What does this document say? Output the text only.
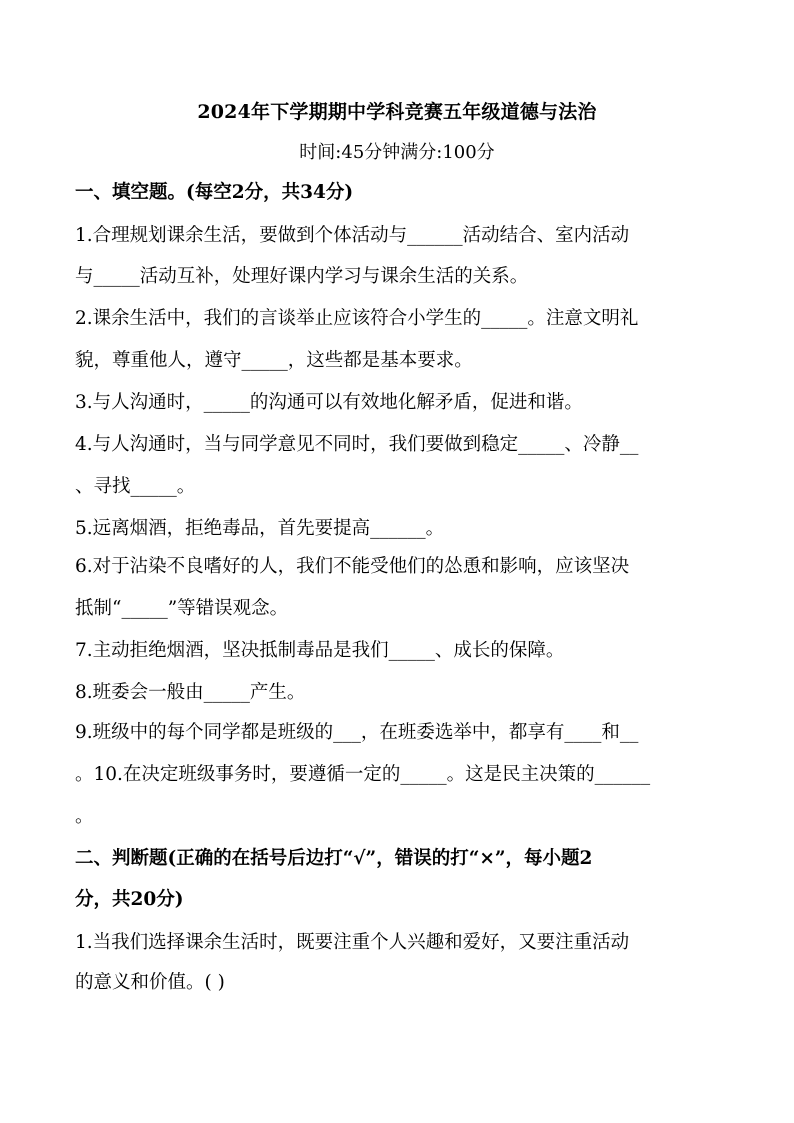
2024年下学期期中学科竞赛五年级道德与法治
时间:45分钟满分:100分
一、填空题。(每空2分，共34分)
1.合理规划课余生活，要做到个体活动与______活动结合、室内活动
与_____活动互补，处理好课内学习与课余生活的关系。
2.课余生活中，我们的言谈举止应该符合小学生的_____。注意文明礼
貌，尊重他人，遵守_____，这些都是基本要求。
3.与人沟通时，_____的沟通可以有效地化解矛盾，促进和谐。
4.与人沟通时，当与同学意见不同时，我们要做到稳定_____、冷静__
、寻找_____。
5.远离烟酒，拒绝毒品，首先要提高______。
6.对于沾染不良嗜好的人，我们不能受他们的怂恿和影响，应该坚决
抵制“_____”等错误观念。
7.主动拒绝烟酒，坚决抵制毒品是我们_____、成长的保障。
8.班委会一般由_____产生。
9.班级中的每个同学都是班级的___，在班委选举中，都享有____和__
。10.在决定班级事务时，要遵循一定的_____。这是民主决策的______
。
二、判断题(正确的在括号后边打“√”，错误的打“×”，每小题2
分，共20分)
1.当我们选择课余生活时，既要注重个人兴趣和爱好，又要注重活动
的意义和价值。( )
